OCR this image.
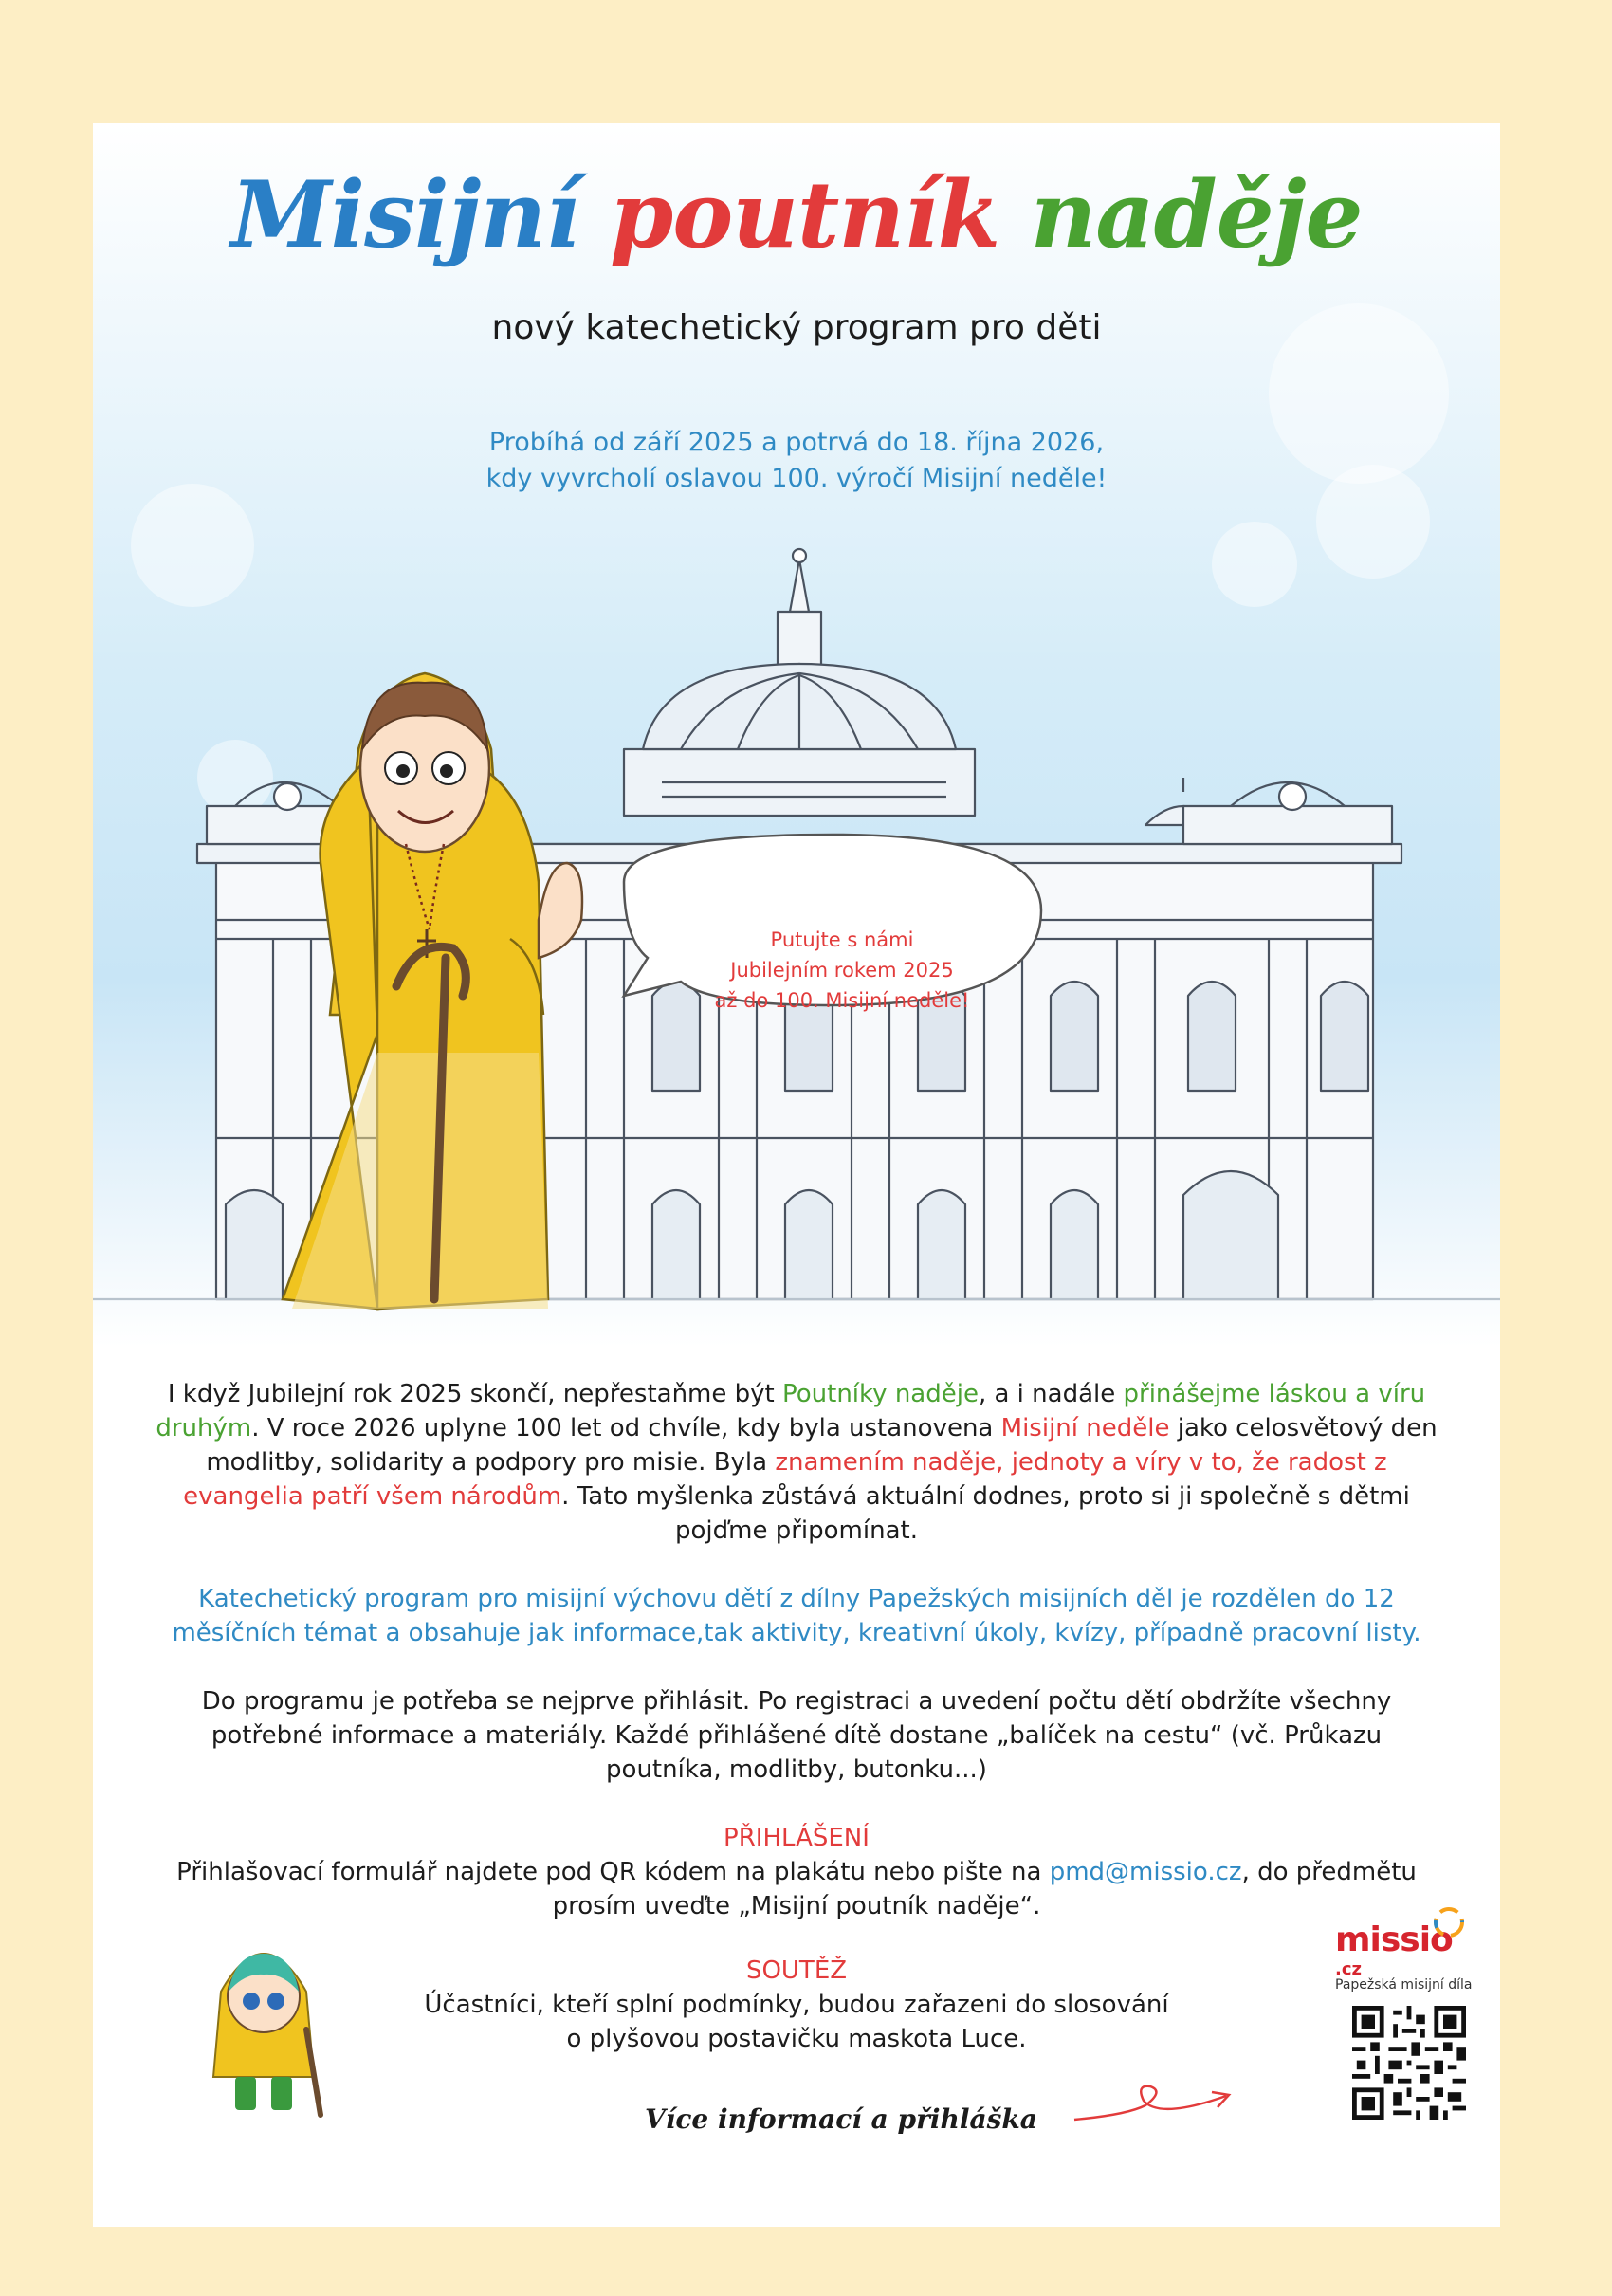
Misijní poutník naděje

nový katechetický program pro děti

Probíhá od září 2025 a potrvá do 18. října 2026,
kdy vyvrcholí oslavou 100. výročí Misijní neděle!
Putujte s námi
Jubilejním rokem 2025
až do 100. Misijní neděle!

I když Jubilejní rok 2025 skončí, nepřestaňme být Poutníky naděje, a i nadále přinášejme láskou a víru druhým. V roce 2026 uplyne 100 let od chvíle, kdy byla ustanovena Misijní neděle jako celosvětový den modlitby, solidarity a podpory pro misie. Byla znamením naděje, jednoty a víry v to, že radost z evangelia patří všem národům. Tato myšlenka zůstává aktuální dodnes, proto si ji společně s dětmi pojďme připomínat.

Katechetický program pro misijní výchovu dětí z dílny Papežských misijních děl je rozdělen do 12 měsíčních témat a obsahuje jak informace,tak aktivity, kreativní úkoly, kvízy, případně pracovní listy.

Do programu je potřeba se nejprve přihlásit. Po registraci a uvedení počtu dětí obdržíte všechny potřebné informace a materiály. Každé přihlášené dítě dostane „balíček na cestu“ (vč. Průkazu poutníka, modlitby, butonku...)

PŘIHLÁŠENÍ
Přihlašovací formulář najdete pod QR kódem na plakátu nebo pište na pmd@missio.cz, do předmětu prosím uveďte „Misijní poutník naděje“.
SOUTĚŽ
Účastníci, kteří splní podmínky, budou zařazeni do slosování
o plyšovou postavičku maskota Luce.
Více informací a přihláška
missio.cz
Papežská misijní díla
